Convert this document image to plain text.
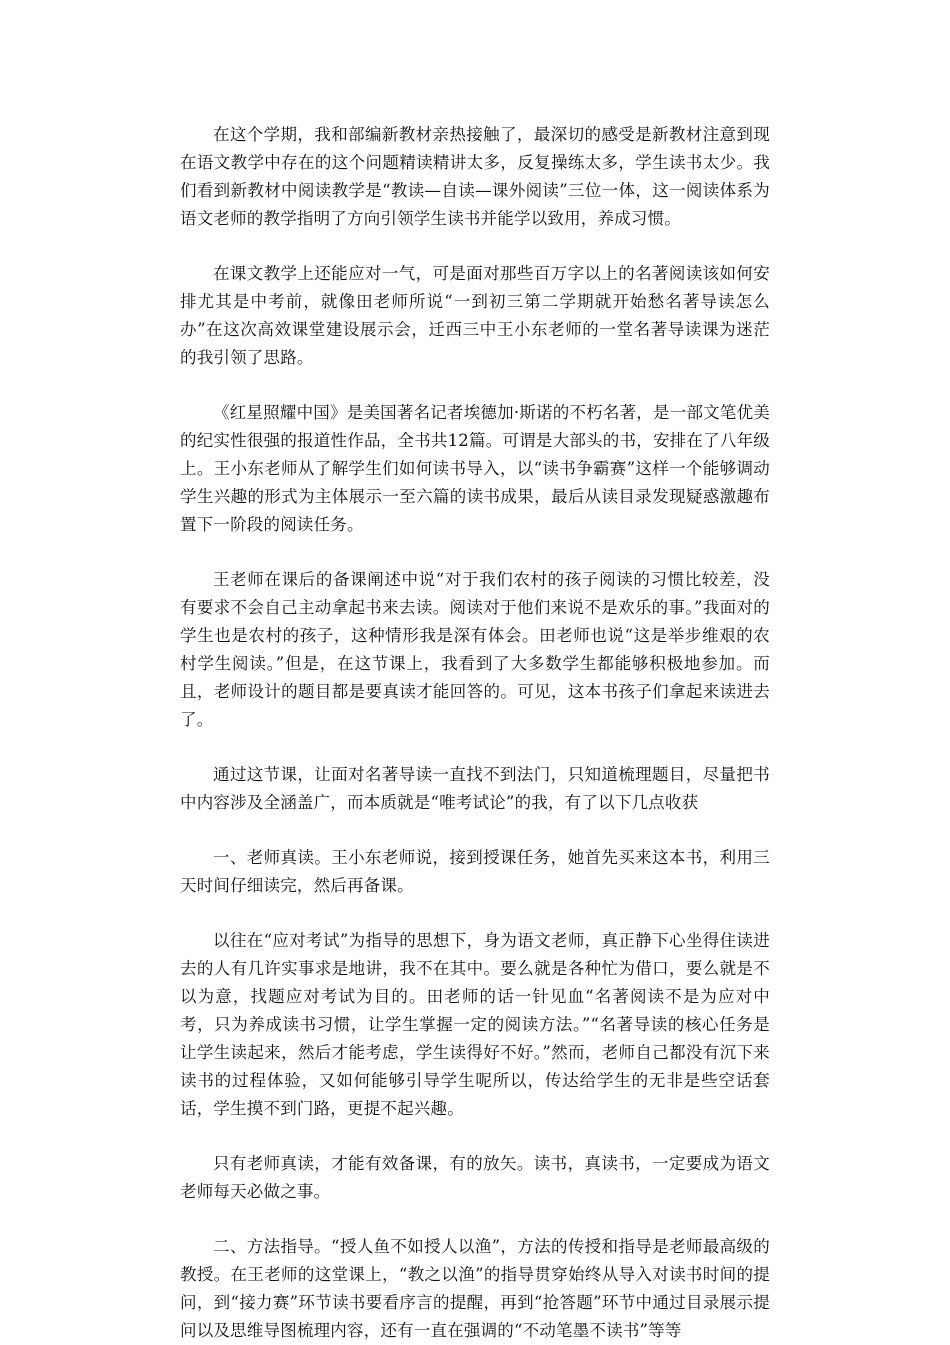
在这个学期，我和部编新教材亲热接触了，最深切的感受是新教材注意到现在语文教学中存在的这个问题精读精讲太多，反复操练太多，学生读书太少。我们看到新教材中阅读教学是“教读—自读—课外阅读”三位一体，这一阅读体系为语文老师的教学指明了方向引领学生读书并能学以致用，养成习惯。

在课文教学上还能应对一气，可是面对那些百万字以上的名著阅读该如何安排尤其是中考前，就像田老师所说“一到初三第二学期就开始愁名著导读怎么办”在这次高效课堂建设展示会，迁西三中王小东老师的一堂名著导读课为迷茫的我引领了思路。

《红星照耀中国》是美国著名记者埃德加·斯诺的不朽名著，是一部文笔优美的纪实性很强的报道性作品，全书共12篇。可谓是大部头的书，安排在了八年级上。王小东老师从了解学生们如何读书导入，以“读书争霸赛”这样一个能够调动学生兴趣的形式为主体展示一至六篇的读书成果，最后从读目录发现疑惑激趣布置下一阶段的阅读任务。

王老师在课后的备课阐述中说“对于我们农村的孩子阅读的习惯比较差，没有要求不会自己主动拿起书来去读。阅读对于他们来说不是欢乐的事。”我面对的学生也是农村的孩子，这种情形我是深有体会。田老师也说“这是举步维艰的农村学生阅读。”但是，在这节课上，我看到了大多数学生都能够积极地参加。而且，老师设计的题目都是要真读才能回答的。可见，这本书孩子们拿起来读进去了。

通过这节课，让面对名著导读一直找不到法门，只知道梳理题目，尽量把书中内容涉及全涵盖广，而本质就是“唯考试论”的我，有了以下几点收获

一、老师真读。王小东老师说，接到授课任务，她首先买来这本书，利用三天时间仔细读完，然后再备课。

以往在“应对考试”为指导的思想下，身为语文老师，真正静下心坐得住读进去的人有几许实事求是地讲，我不在其中。要么就是各种忙为借口，要么就是不以为意，找题应对考试为目的。田老师的话一针见血“名著阅读不是为应对中考，只为养成读书习惯，让学生掌握一定的阅读方法。”“名著导读的核心任务是让学生读起来，然后才能考虑，学生读得好不好。”然而，老师自己都没有沉下来读书的过程体验，又如何能够引导学生呢所以，传达给学生的无非是些空话套话，学生摸不到门路，更提不起兴趣。

只有老师真读，才能有效备课，有的放矢。读书，真读书，一定要成为语文老师每天必做之事。

二、方法指导。“授人鱼不如授人以渔”，方法的传授和指导是老师最高级的教授。在王老师的这堂课上，“教之以渔”的指导贯穿始终从导入对读书时间的提问，到“接力赛”环节读书要看序言的提醒，再到“抢答题”环节中通过目录展示提问以及思维导图梳理内容，还有一直在强调的“不动笔墨不读书”等等
